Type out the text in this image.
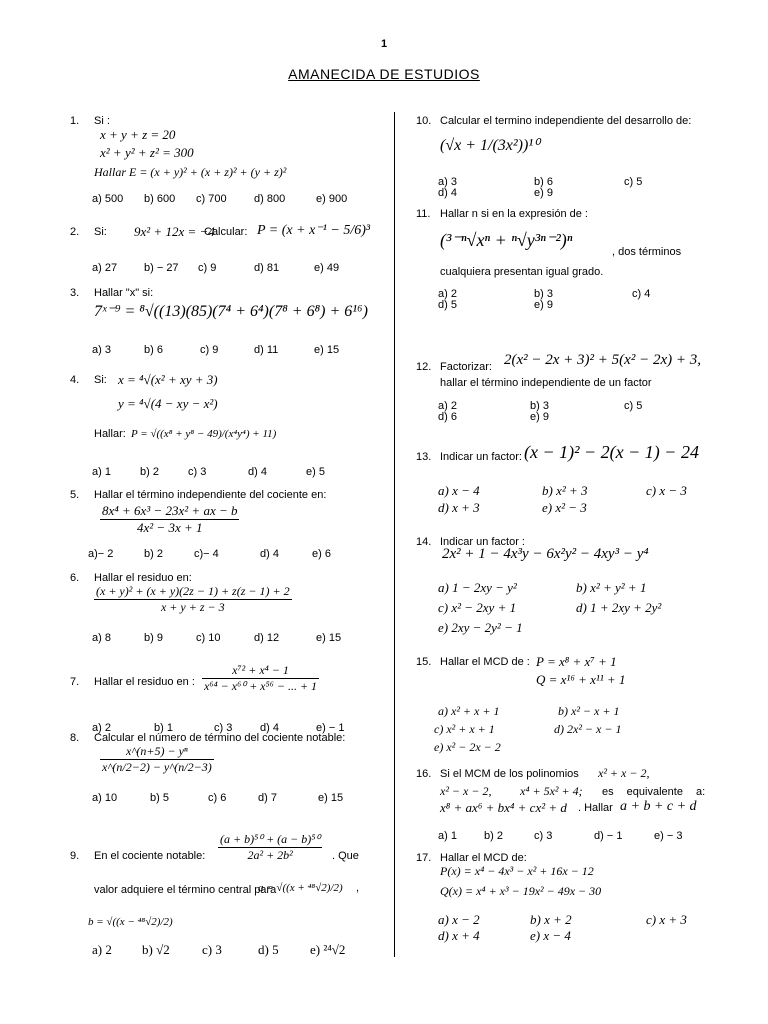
1
AMANECIDA DE ESTUDIOS
1. Si :
x + y + z = 20
x² + y² + z² = 300
Hallar E = (x + y)² + (x + z)² + (y + z)²
a) 500 b) 600 c) 700 d) 800	e) 900
2. Si: 9x² + 12x = −4
Calcular: P = (x + x⁻¹ − 5/6)³
a) 27 b) − 27 c) 9	d) 81	e) 49
3. Hallar "x" si:
7ˣ⁻⁹ = ⁸√((13)(85)(7⁴ + 6⁴)(7⁸ + 6⁸) + 6¹⁶)
a) 3	b) 6	c) 9	d) 11	e) 15
4. Si: x = ⁴√(x² + xy + 3)
y = ⁴√(4 − xy − x²)
Hallar: P = √((x⁸ + y⁸ − 49)/(x⁴y⁴) + 11)
a) 1	b) 2	c) 3	d) 4	e) 5
5. Hallar el término independiente del cociente en:
$\frac{\text{8x⁴ + 6x³ − 23x² + ax − b}}{\text{4x² − 3x + 1}}$
a)− 2	b) 2	c)− 4	d) 4	e) 6
6. Hallar el residuo en:
$\frac{\text{(x + y)² + (x + y)(2z − 1) + z(z − 1) + 2}}{x + y + z - 3}$
a) 8	b) 9	c) 10	d) 12	e) 15
7. Hallar el residuo en : $\frac{\text{x⁷² + x⁴ − 1}}{\text{x⁶⁴ − x⁶⁰ + x⁵⁶ − ... + 1}}$
a) 2	b) 1	c) 3	d) 4	e) − 1
8. Calcular el número de término del cociente notable:
$\frac{\text{x\textasciicircum{}(n+5) − yⁿ}}{x\^{}(n/2-2) - y\^{}(n/2-3)}$
a) 10	b) 5	c) 6	d) 7	e) 15
9. En el cociente notable: $\frac{\text{(a + b)⁵⁰ + (a − b)⁵⁰}}{\text{2a² + 2b²}}$ . Que
valor adquiere el término central para
a = √((x + ⁴⁸√2)/2) ,
b = √((x − ⁴⁸√2)/2)
a) 2 b) √2 c) 3	d) 5 e) ²⁴√2
10. Calcular el termino independiente del desarrollo de:
(√x + 1/(3x²))¹⁰
a) 3	b) 6	c) 5
d) 4	e) 9
11. Hallar n si en la expresión de :
(³⁻ⁿ√xⁿ + ⁿ√y³ⁿ⁻²)ⁿ
, dos términos
cualquiera presentan igual grado.
a) 2	b) 3	c) 4
d) 5	e) 9
12. Factorizar: 2(x² − 2x + 3)² + 5(x² − 2x) + 3,
hallar el término independiente de un factor
a) 2	b) 3	c) 5
d) 6	e) 9
13. Indicar un factor: (x − 1)² − 2(x − 1) − 24
a) x − 4	b) x² + 3	c) x − 3
d) x + 3	e) x² − 3
14. Indicar un factor :
2x² + 1 − 4x³y − 6x²y² − 4xy³ − y⁴
a) 1 − 2xy − y²	b) x² + y² + 1
c) x² − 2xy + 1	d) 1 + 2xy + 2y²
e) 2xy − 2y² − 1
15. Hallar el MCD de : P = x⁸ + x⁷ + 1
Q = x¹⁶ + x¹¹ + 1
a) x² + x + 1	b) x² − x + 1
c) x² + x + 1	d) 2x² − x − 1
e) x² − 2x − 2
16. Si el MCM de los polinomios x² + x − 2,
x² − x − 2, x⁴ + 5x² + 4; es equivalente a:
x⁸ + ax⁶ + bx⁴ + cx² + d . Hallar a + b + c + d
a) 1 b) 2	c) 3	d) − 1	e) − 3
17. Hallar el MCD de:
P(x) = x⁴ − 4x³ − x² + 16x − 12
Q(x) = x⁴ + x³ − 19x² − 49x − 30
a) x − 2	b) x + 2	c) x + 3
d) x + 4	e) x − 4
